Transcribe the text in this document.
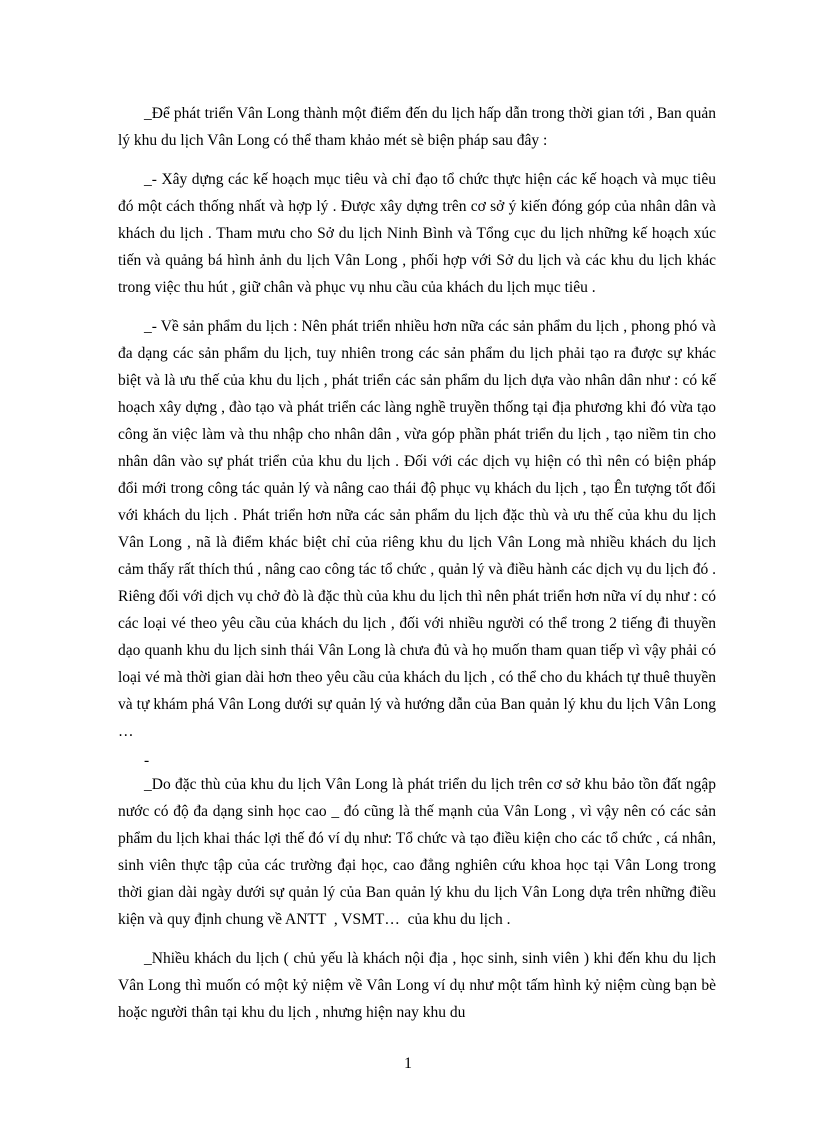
_Để phát triển Vân Long thành một điểm đến du lịch hấp dẫn trong thời gian tới , Ban quản lý khu du lịch Vân Long có thể tham khảo mét sè biện pháp sau đây :

_- Xây dựng các kế hoạch mục tiêu và chỉ đạo tổ chức thực hiện các kế hoạch và mục tiêu đó một cách thống nhất và hợp lý . Được xây dựng trên cơ sở ý kiến đóng góp của nhân dân và khách du lịch . Tham mưu cho Sở du lịch Ninh Bình và Tổng cục du lịch những kế hoạch xúc tiến và quảng bá hình ảnh du lịch Vân Long , phối hợp với Sở du lịch và các khu du lịch khác trong việc thu hút , giữ chân và phục vụ nhu cầu của khách du lịch mục tiêu .

_- Về sản phẩm du lịch : Nên phát triển nhiều hơn nữa các sản phẩm du lịch , phong phó và đa dạng các sản phẩm du lịch, tuy nhiên trong các sản phẩm du lịch phải tạo ra được sự khác biệt và là ưu thế của khu du lịch , phát triển các sản phẩm du lịch dựa vào nhân dân như : có kế hoạch xây dựng , đào tạo và phát triển các làng nghề truyền thống tại địa phương khi đó vừa tạo công ăn việc làm và thu nhập cho nhân dân , vừa góp phần phát triển du lịch , tạo niềm tin cho nhân dân vào sự phát triển của khu du lịch . Đối với các dịch vụ hiện có thì nên có biện pháp đổi mới trong công tác quản lý và nâng cao thái độ phục vụ khách du lịch , tạo Ên tượng tốt đối với khách du lịch . Phát triển hơn nữa các sản phẩm du lịch đặc thù và ưu thế của khu du lịch Vân Long , nã là điểm khác biệt chỉ của riêng khu du lịch Vân Long mà nhiều khách du lịch cảm thấy rất thích thú , nâng cao công tác tổ chức , quản lý và điều hành các dịch vụ du lịch đó . Riêng đối với dịch vụ chở đò là đặc thù của khu du lịch thì nên phát triển hơn nữa ví dụ như : có các loại vé theo yêu cầu của khách du lịch , đối với nhiều người có thể trong 2 tiếng đi thuyền dạo quanh khu du lịch sinh thái Vân Long là chưa đủ và họ muốn tham quan tiếp vì vậy phải có loại vé mà thời gian dài hơn theo yêu cầu của khách du lịch , có thể cho du khách tự thuê thuyền và tự khám phá Vân Long dưới sự quản lý và hướng dẫn của Ban quản lý khu du lịch Vân Long …

-

_Do đặc thù của khu du lịch Vân Long là phát triển du lịch trên cơ sở khu bảo tồn đất ngập nước có độ đa dạng sinh học cao _ đó cũng là thế mạnh của Vân Long , vì vậy nên có các sản phẩm du lịch khai thác lợi thế đó ví dụ như: Tổ chức và tạo điều kiện cho các tổ chức , cá nhân, sinh viên thực tập của các trường đại học, cao đẳng nghiên cứu khoa học tại Vân Long trong thời gian dài ngày dưới sự quản lý của Ban quản lý khu du lịch Vân Long dựa trên những điều kiện và quy định chung về ANTT  , VSMT…  của khu du lịch .

_Nhiều khách du lịch ( chủ yếu là khách nội địa , học sinh, sinh viên ) khi đến khu du lịch Vân Long thì muốn có một kỷ niệm về Vân Long ví dụ như một tấm hình kỷ niệm cùng bạn bè hoặc người thân tại khu du lịch , nhưng hiện nay khu du

1
